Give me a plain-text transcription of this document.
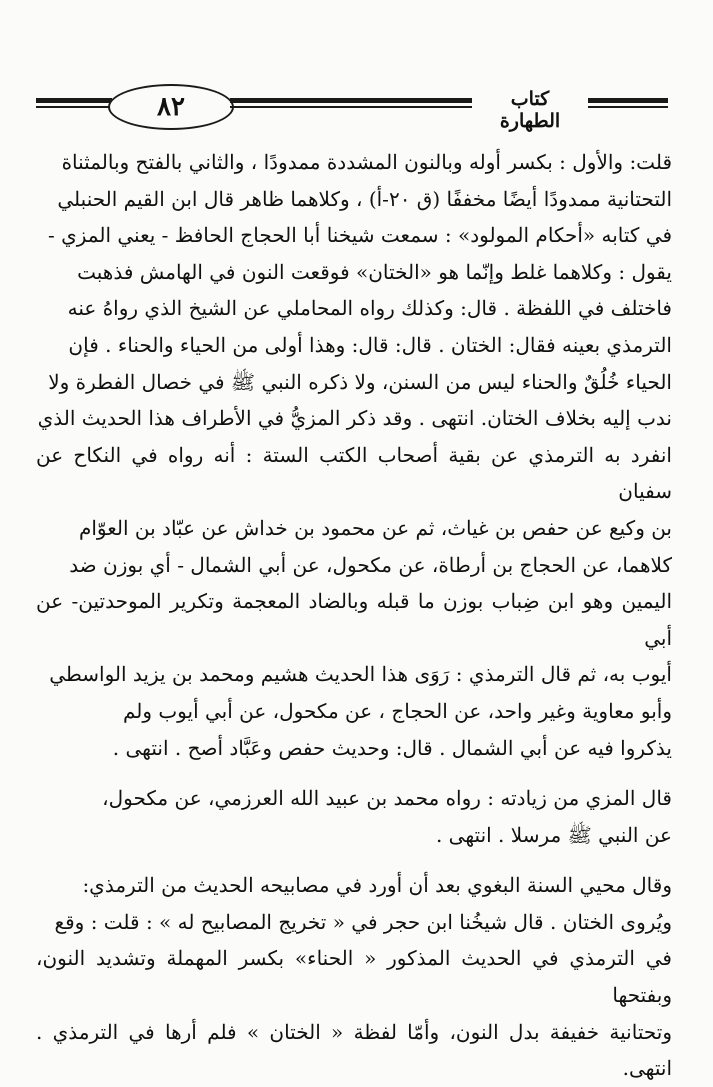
٨٢	كتاب الطهارة
قلت: والأول : بكسر أوله وبالنون المشددة ممدودًا ، والثاني بالفتح وبالمثناة
التحتانية ممدودًا أيضًا مخففًا (ق ٢٠-أ) ، وكلاهما ظاهر قال ابن القيم الحنبلي
في كتابه «أحكام المولود» : سمعت شيخنا أبا الحجاج الحافظ - يعني المزي -
يقول : وكلاهما غلط وإنّما هو «الختان» فوقعت النون في الهامش فذهبت
فاختلف في اللفظة . قال: وكذلك رواه المحاملي عن الشيخ الذي رواهُ عنه
الترمذي بعينه فقال: الختان . قال: قال: وهذا أولى من الحياء والحناء . فإن
الحياء خُلُقٌ والحناء ليس من السنن، ولا ذكره النبي ﷺ في خصال الفطرة ولا
ندب إليه بخلاف الختان. انتهى . وقد ذكر المزيُّ في الأطراف هذا الحديث الذي
انفرد به الترمذي عن بقية أصحاب الكتب الستة : أنه رواه في النكاح عن سفيان
بن وكيع عن حفص بن غياث، ثم عن محمود بن خداش عن عبّاد بن العوّام
كلاهما، عن الحجاج بن أرطاة، عن مكحول، عن أبي الشمال - أي بوزن ضد
اليمين وهو ابن ضِباب بوزن ما قبله وبالضاد المعجمة وتكرير الموحدتين- عن أبي
أيوب به، ثم قال الترمذي : رَوَى هذا الحديث هشيم ومحمد بن يزيد الواسطي
وأبو معاوية وغير واحد، عن الحجاج ، عن مكحول، عن أبي أيوب ولم
يذكروا فيه عن أبي الشمال . قال: وحديث حفص وعَبَّاد أصح . انتهى .
قال المزي من زيادته : رواه محمد بن عبيد الله العرزمي، عن مكحول،
عن النبي ﷺ مرسلا . انتهى .
وقال محيي السنة البغوي بعد أن أورد في مصابيحه الحديث من الترمذي:
ويُروى الختان . قال شيخُنا ابن حجر في « تخريج المصابيح له » : قلت : وقع
في الترمذي في الحديث المذكور « الحناء» بكسر المهملة وتشديد النون، وبفتحها
وتحتانية خفيفة بدل النون، وأمّا لفظة « الختان » فلم أرها في الترمذي . انتهى.
